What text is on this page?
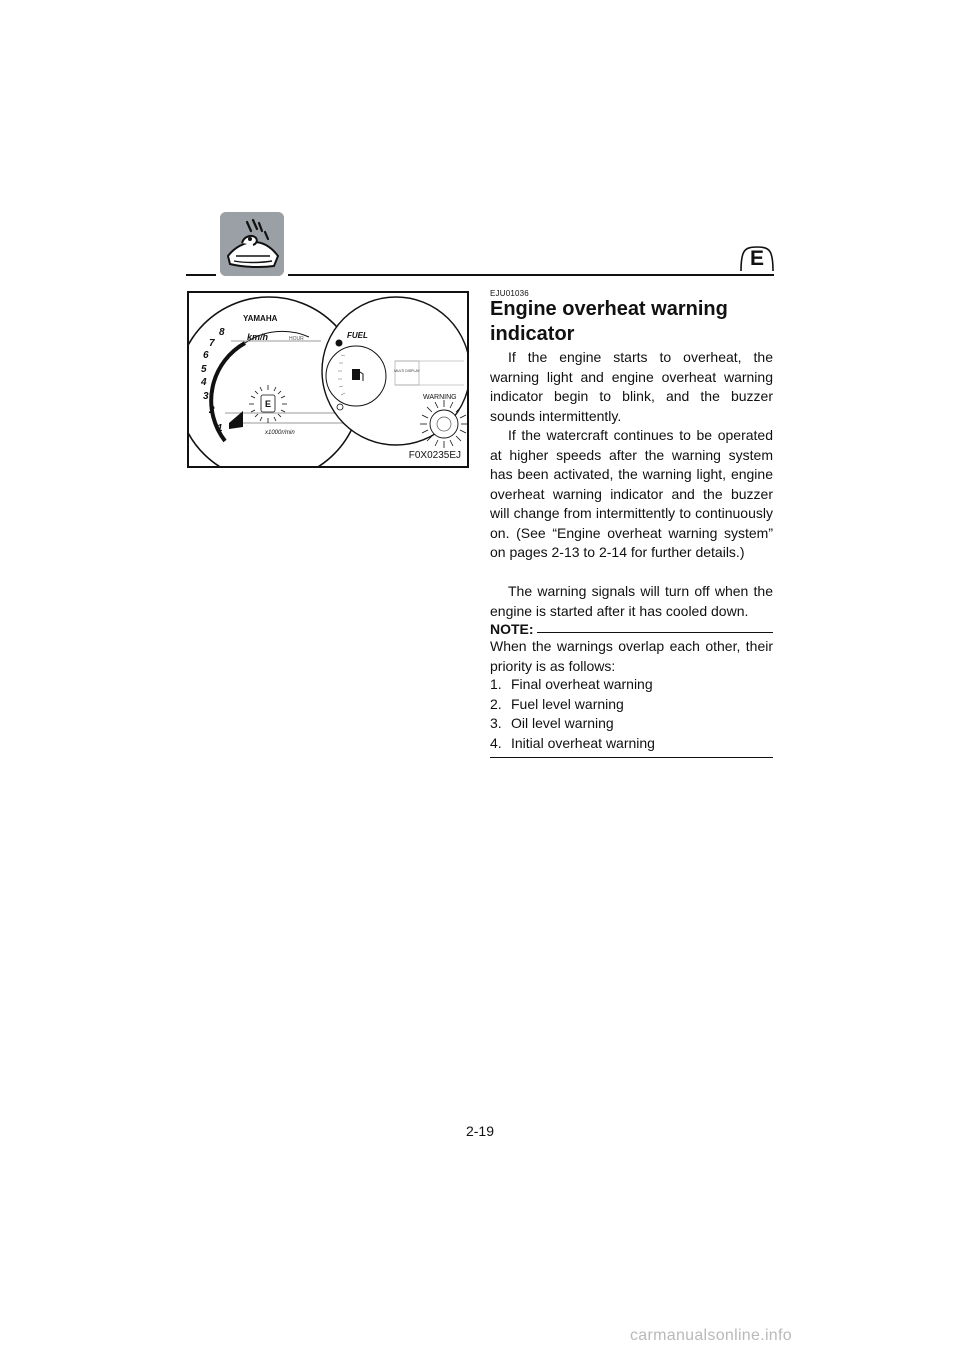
E
1
2
3
4
5
6
7
8
YAMAHA
km/h	HOUR
x1000r/min
E
FUEL
MULTI DISPLAY
WARNING
F0X0235EJ
EJU01036
Engine overheat warning indicator

If the engine starts to overheat, the warning light and engine overheat warning indicator begin to blink, and the buzzer sounds intermittently.

If the watercraft continues to be operated at higher speeds after the warning system has been activated, the warning light, engine overheat warning indicator and the buzzer will change from intermittently to continuously on. (See “Engine overheat warning system” on pages 2-13 to 2-14 for further details.)

The warning signals will turn off when the engine is started after it has cooled down.

NOTE:

When the warnings overlap each other, their priority is as follows:

1. Final overheat warning
2. Fuel level warning
3. Oil level warning
4. Initial overheat warning
2-19
carmanualsonline.info
